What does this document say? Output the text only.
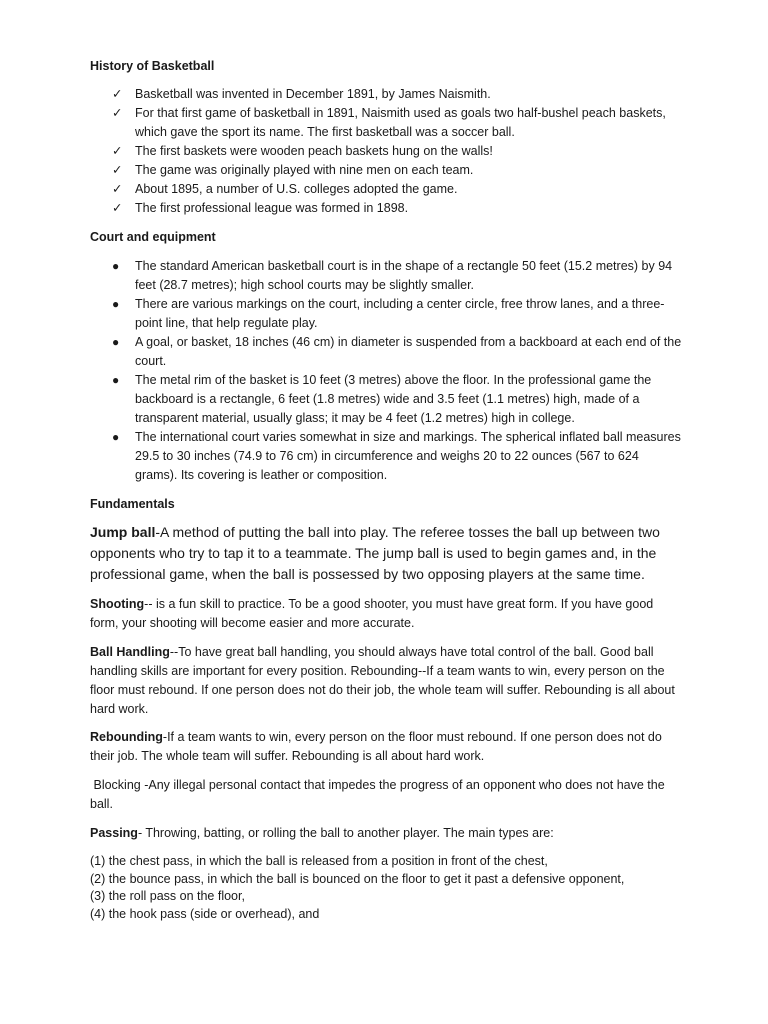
History of Basketball
✓ Basketball was invented in December 1891, by James Naismith.
✓ For that first game of basketball in 1891, Naismith used as goals two half-bushel peach baskets, which gave the sport its name. The first basketball was a soccer ball.
✓ The first baskets were wooden peach baskets hung on the walls!
✓ The game was originally played with nine men on each team.
✓ About 1895, a number of U.S. colleges adopted the game.
✓ The first professional league was formed in 1898.
Court and equipment
● The standard American basketball court is in the shape of a rectangle 50 feet (15.2 metres) by 94 feet (28.7 metres); high school courts may be slightly smaller.
● There are various markings on the court, including a center circle, free throw lanes, and a three-point line, that help regulate play.
● A goal, or basket, 18 inches (46 cm) in diameter is suspended from a backboard at each end of the court.
● The metal rim of the basket is 10 feet (3 metres) above the floor. In the professional game the backboard is a rectangle, 6 feet (1.8 metres) wide and 3.5 feet (1.1 metres) high, made of a transparent material, usually glass; it may be 4 feet (1.2 metres) high in college.
● The international court varies somewhat in size and markings. The spherical inflated ball measures 29.5 to 30 inches (74.9 to 76 cm) in circumference and weighs 20 to 22 ounces (567 to 624 grams). Its covering is leather or composition.
Fundamentals

Jump ball-A method of putting the ball into play. The referee tosses the ball up between two opponents who try to tap it to a teammate. The jump ball is used to begin games and, in the professional game, when the ball is possessed by two opposing players at the same time.

Shooting-- is a fun skill to practice. To be a good shooter, you must have great form. If you have good form, your shooting will become easier and more accurate.

Ball Handling--To have great ball handling, you should always have total control of the ball. Good ball handling skills are important for every position. Rebounding--If a team wants to win, every person on the floor must rebound. If one person does not do their job, the whole team will suffer. Rebounding is all about hard work.

Rebounding-If a team wants to win, every person on the floor must rebound. If one person does not do their job. The whole team will suffer. Rebounding is all about hard work.

Blocking -Any illegal personal contact that impedes the progress of an opponent who does not have the ball.

Passing- Throwing, batting, or rolling the ball to another player. The main types are:

(1) the chest pass, in which the ball is released from a position in front of the chest,
(2) the bounce pass, in which the ball is bounced on the floor to get it past a defensive opponent,
(3) the roll pass on the floor,
(4) the hook pass (side or overhead), and
